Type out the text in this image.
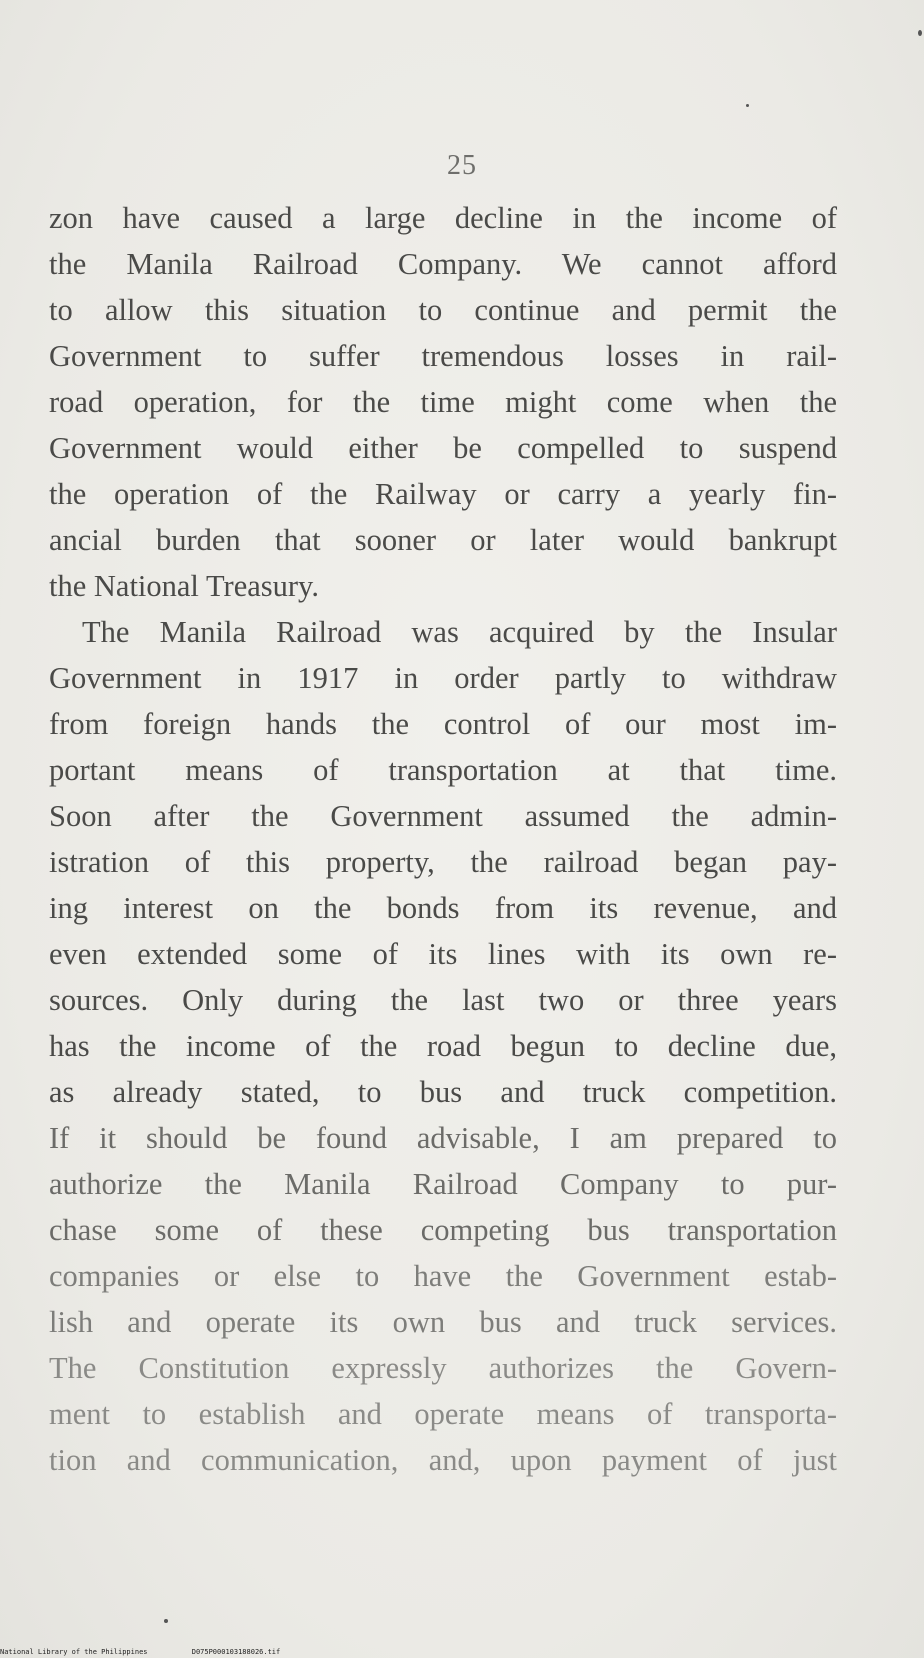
25
zon have caused a large decline in the income of
the Manila Railroad Company. We cannot afford
to allow this situation to continue and permit the
Government to suffer tremendous losses in rail-
road operation, for the time might come when the
Government would either be compelled to suspend
the operation of the Railway or carry a yearly fin-
ancial burden that sooner or later would bankrupt
the National Treasury.
The Manila Railroad was acquired by the Insular
Government in 1917 in order partly to withdraw
from foreign hands the control of our most im-
portant means of transportation at that time.
Soon after the Government assumed the admin-
istration of this property, the railroad began pay-
ing interest on the bonds from its revenue, and
even extended some of its lines with its own re-
sources. Only during the last two or three years
has the income of the road begun to decline due,
as already stated, to bus and truck competition.
If it should be found advisable, I am prepared to
authorize the Manila Railroad Company to pur-
chase some of these competing bus transportation
companies or else to have the Government estab-
lish and operate its own bus and truck services.
The Constitution expressly authorizes the Govern-
ment to establish and operate means of transporta-
tion and communication, and, upon payment of just
National Library of the Philippines	D075P000103188026.tif
